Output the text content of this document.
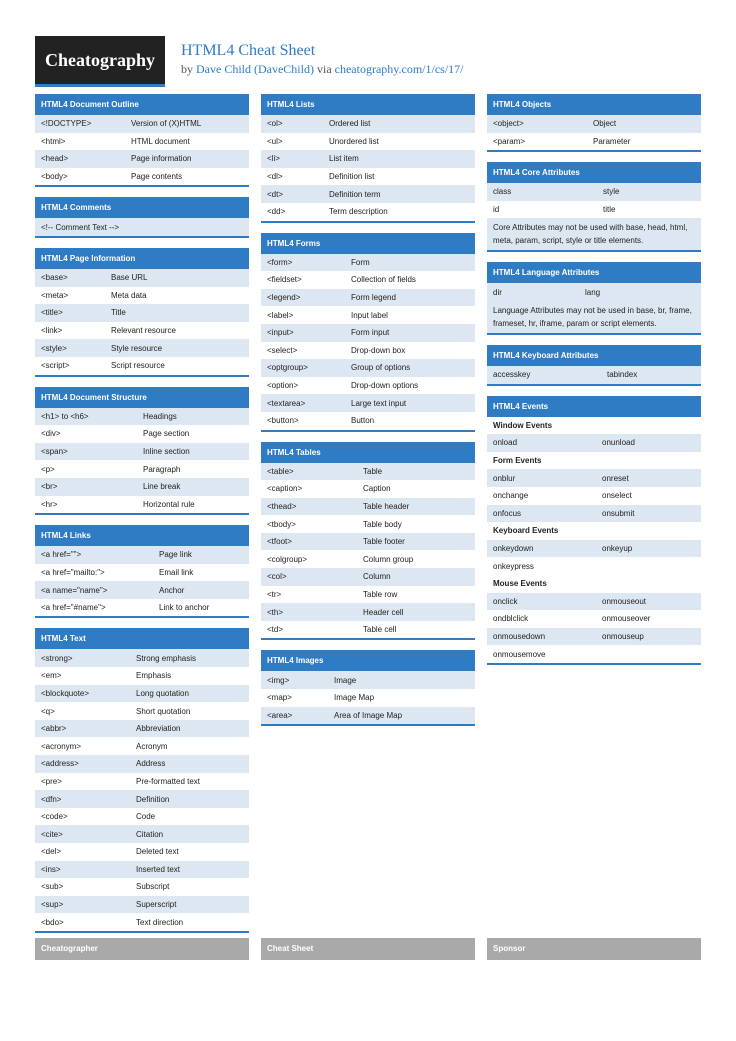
Cheatography	HTML4 Cheat Sheet
by Dave Child (DaveChild) via cheatography.com/1/cs/17/
HTML4 Document Outline
<!DOCTYPE>	Version of (X)HTML
<html>	HTML document
<head>	Page information
<body>	Page contents
HTML4 Comments
<!-- Comment Text -->
HTML4 Page Information
<base>	Base URL
<meta>	Meta data
<title>	Title
<link>	Relevant resource
<style>	Style resource
<script>	Script resource
HTML4 Document Structure
<h1> to <h6>	Headings
<div>	Page section
<span>	Inline section
<p>	Paragraph
<br>	Line break
<hr>	Horizontal rule
HTML4 Links
<a href="">	Page link
<a href="mailto:">	Email link
<a name="name">	Anchor
<a href="#name">	Link to anchor
HTML4 Text
<strong>	Strong emphasis
<em>	Emphasis
<blockquote>	Long quotation
<q>	Short quotation
<abbr>	Abbreviation
<acronym>	Acronym
<address>	Address
<pre>	Pre-formatted text
<dfn>	Definition
<code>	Code
<cite>	Citation
<del>	Deleted text
<ins>	Inserted text
<sub>	Subscript
<sup>	Superscript
<bdo>	Text direction
HTML4 Lists
<ol>	Ordered list
<ul>	Unordered list
<li>	List item
<dl>	Definition list
<dt>	Definition term
<dd>	Term description
HTML4 Forms
<form>	Form
<fieldset>	Collection of fields
<legend>	Form legend
<label>	Input label
<input>	Form input
<select>	Drop-down box
<optgroup>	Group of options
<option>	Drop-down options
<textarea>	Large text input
<button>	Button
HTML4 Tables
<table>	Table
<caption>	Caption
<thead>	Table header
<tbody>	Table body
<tfoot>	Table footer
<colgroup>	Column group
<col>	Column
<tr>	Table row
<th>	Header cell
<td>	Table cell
HTML4 Images
<img>	Image
<map>	Image Map
<area>	Area of Image Map
HTML4 Objects
<object>	Object
<param>	Parameter
HTML4 Core Attributes
class	style
id	title
Core Attributes may not be used with base, head, html, meta, param, script, style or title elements.
HTML4 Language Attributes
dir	lang
Language Attributes may not be used in base, br, frame, frameset, hr, iframe, param or script elements.
HTML4 Keyboard Attributes
accesskey	tabindex
HTML4 Events
Window Events
onload	onunload
Form Events
onblur	onreset
onchange	onselect
onfocus	onsubmit
Keyboard Events
onkeydown	onkeyup
onkeypress
Mouse Events
onclick	onmouseout
ondblclick	onmouseover
onmousedown	onmouseup
onmousemove
Cheatographer	Cheat Sheet	Sponsor
